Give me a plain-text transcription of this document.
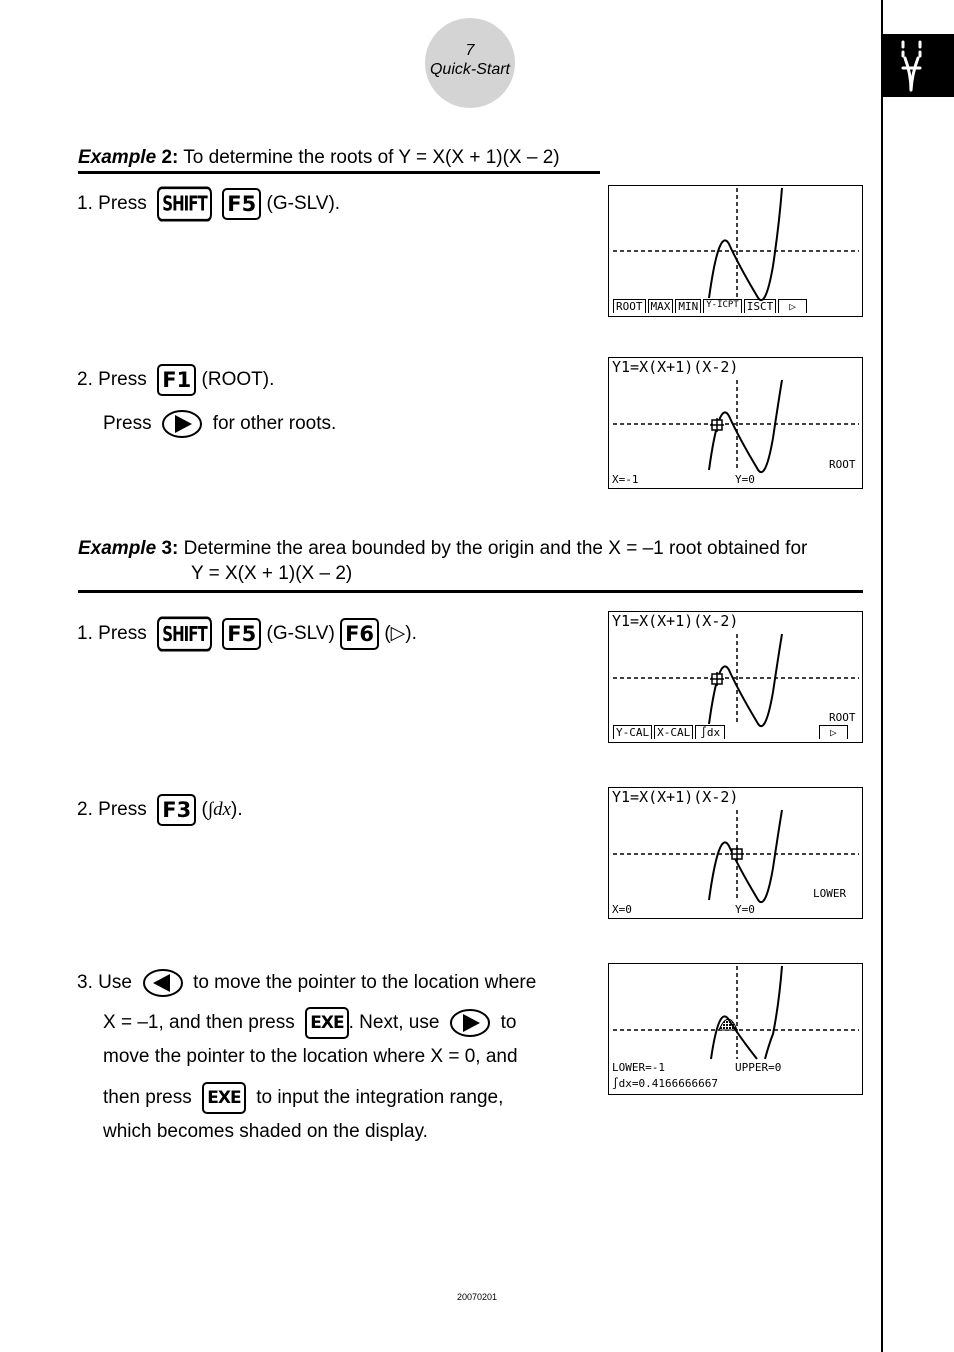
7
Quick-Start
Example 2: To determine the roots of Y = X(X + 1)(X – 2)
1. Press SHIFT F5 (G-SLV).
2. Press F1 (ROOT).
Press	for other roots.
Example 3: Determine the area bounded by the origin and the X = –1 root obtained for
Y = X(X + 1)(X – 2)
1. Press SHIFT F5 (G-SLV) F6 (▷).
2. Press F3 (∫dx).
3. Use	to move the pointer to the location where
X = –1, and then press EXE . Next, use	to
move the pointer to the location where X = 0, and
then press EXE to input the integration range,
which becomes shaded on the display.
ROOT MAX MIN Y-ICPT ISCT	▷
Y1=X(X+1)(X-2)
ROOT
X=-1	Y=0
Y1=X(X+1)(X-2)
ROOT
Y-CAL X-CAL ∫dx	▷
Y1=X(X+1)(X-2)
LOWER
X=0	Y=0
LOWER=-1	UPPER=0
∫dx=0.4166666667
20070201
